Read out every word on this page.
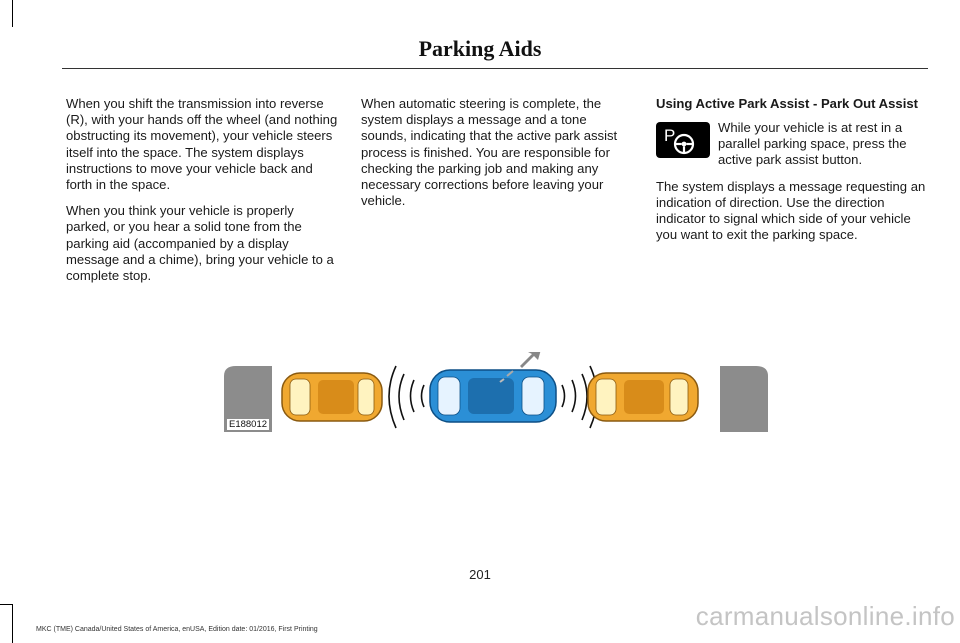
Parking Aids

When you shift the transmission into reverse (R), with your hands off the wheel (and nothing obstructing its movement), your vehicle steers itself into the space. The system displays instructions to move your vehicle back and forth in the space.

When you think your vehicle is properly parked, or you hear a solid tone from the parking aid (accompanied by a display message and a chime), bring your vehicle to a complete stop.

When automatic steering is complete, the system displays a message and a tone sounds, indicating that the active park assist process is finished. You are responsible for checking the parking job and making any necessary corrections before leaving your vehicle.

Using Active Park Assist - Park Out Assist
P	While your vehicle is at rest in a parallel parking space, press the active park assist button.

The system displays a message requesting an indication of direction. Use the direction indicator to signal which side of your vehicle you want to exit the parking space.

E188012
201
MKC (TME) Canada/United States of America, enUSA, Edition date: 01/2016, First Printing	carmanualsonline.info
